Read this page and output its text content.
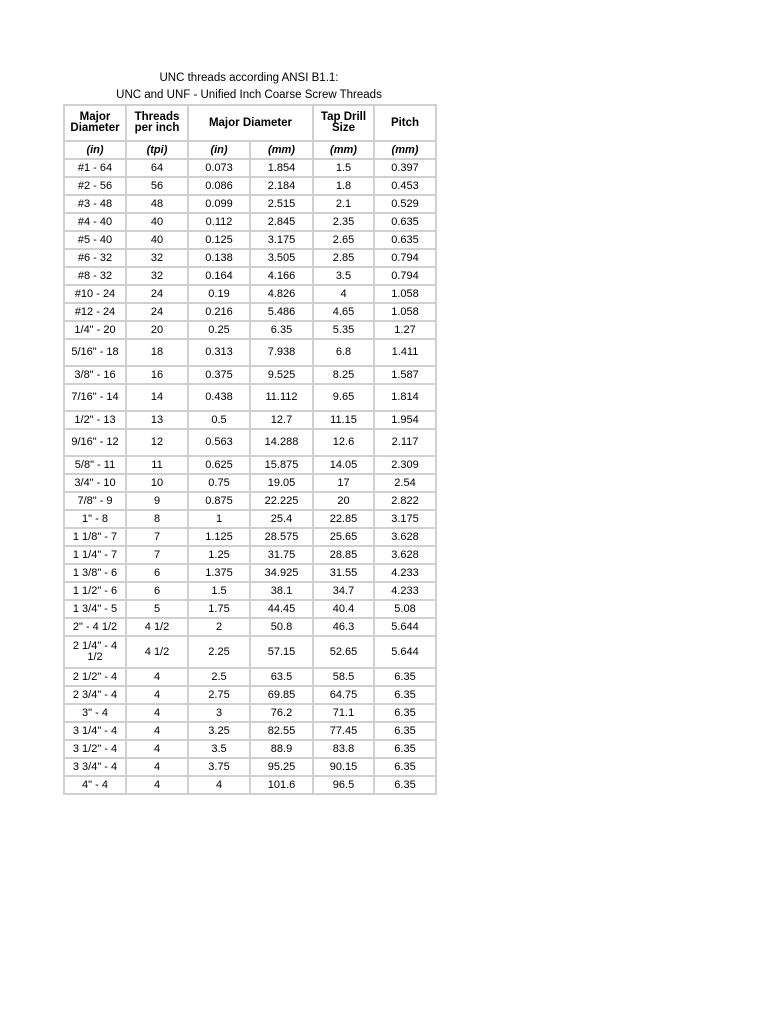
UNC threads according ANSI B1.1:
UNC and UNF - Unified Inch Coarse Screw Threads
Major Diameter	Threads per inch	Major Diameter		Tap Drill Size	Pitch
(in)	(tpi)	(in)	(mm)	(mm)	(mm)
#1 - 64	64	0.073	1.854	1.5	0.397
#2 - 56	56	0.086	2.184	1.8	0.453
#3 - 48	48	0.099	2.515	2.1	0.529
#4 - 40	40	0.112	2.845	2.35	0.635
#5 - 40	40	0.125	3.175	2.65	0.635
#6 - 32	32	0.138	3.505	2.85	0.794
#8 - 32	32	0.164	4.166	3.5	0.794
#10 - 24	24	0.19	4.826	4	1.058
#12 - 24	24	0.216	5.486	4.65	1.058
1/4" - 20	20	0.25	6.35	5.35	1.27
5/16" - 18	18	0.313	7.938	6.8	1.411
3/8" - 16	16	0.375	9.525	8.25	1.587
7/16" - 14	14	0.438	11.112	9.65	1.814
1/2" - 13	13	0.5	12.7	11.15	1.954
9/16" - 12	12	0.563	14.288	12.6	2.117
5/8" - 11	11	0.625	15.875	14.05	2.309
3/4" - 10	10	0.75	19.05	17	2.54
7/8" - 9	9	0.875	22.225	20	2.822
1" - 8	8	1	25.4	22.85	3.175
1 1/8" - 7	7	1.125	28.575	25.65	3.628
1 1/4" - 7	7	1.25	31.75	28.85	3.628
1 3/8" - 6	6	1.375	34.925	31.55	4.233
1 1/2" - 6	6	1.5	38.1	34.7	4.233
1 3/4" - 5	5	1.75	44.45	40.4	5.08
2" - 4 1/2	4 1/2	2	50.8	46.3	5.644
2 1/4" - 4 1/2	4 1/2	2.25	57.15	52.65	5.644
2 1/2" - 4	4	2.5	63.5	58.5	6.35
2 3/4" - 4	4	2.75	69.85	64.75	6.35
3" - 4	4	3	76.2	71.1	6.35
3 1/4" - 4	4	3.25	82.55	77.45	6.35
3 1/2" - 4	4	3.5	88.9	83.8	6.35
3 3/4" - 4	4	3.75	95.25	90.15	6.35
4" - 4	4	4	101.6	96.5	6.35
